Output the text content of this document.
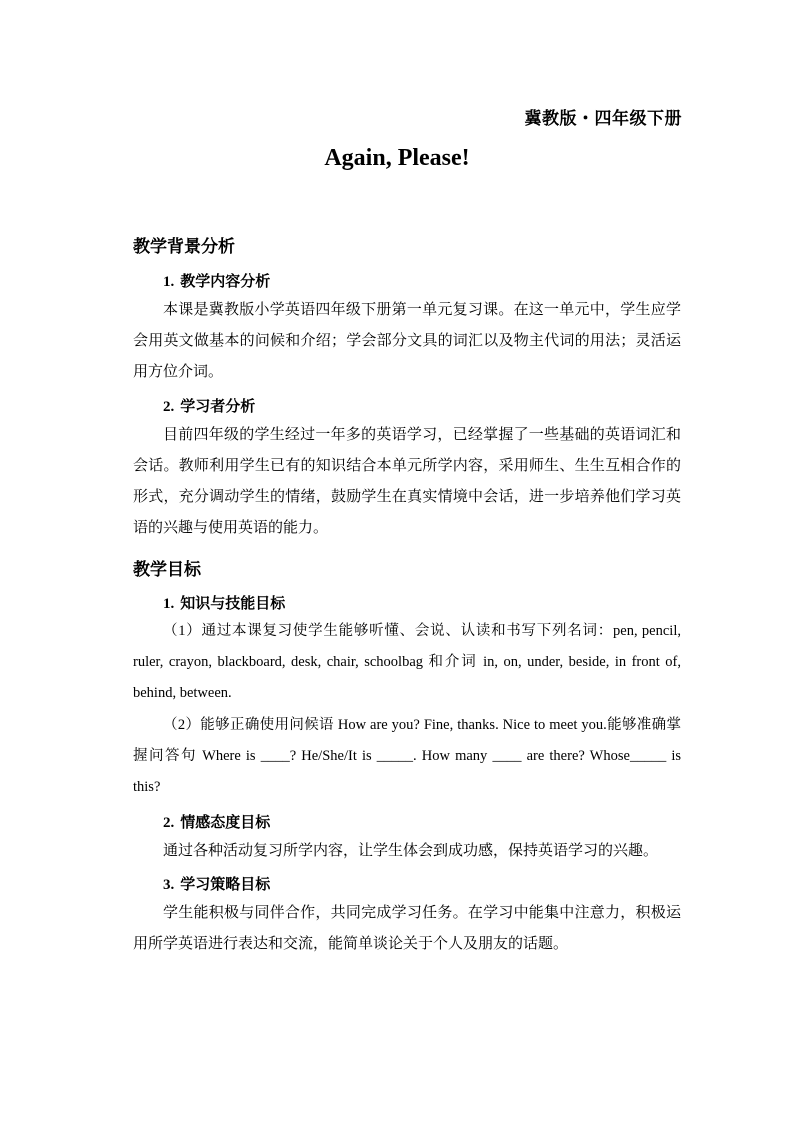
冀教版・四年级下册
Again, Please!
教学背景分析
1. 教学内容分析
本课是冀教版小学英语四年级下册第一单元复习课。在这一单元中，学生应学会用英文做基本的问候和介绍；学会部分文具的词汇以及物主代词的用法；灵活运用方位介词。
2. 学习者分析
目前四年级的学生经过一年多的英语学习，已经掌握了一些基础的英语词汇和会话。教师利用学生已有的知识结合本单元所学内容，采用师生、生生互相合作的形式，充分调动学生的情绪，鼓励学生在真实情境中会话，进一步培养他们学习英语的兴趣与使用英语的能力。
教学目标
1. 知识与技能目标
（1）通过本课复习使学生能够听懂、会说、认读和书写下列名词：pen, pencil, ruler, crayon, blackboard, desk, chair, schoolbag 和介词 in, on, under, beside, in front of, behind, between.
（2）能够正确使用问候语 How are you? Fine, thanks. Nice to meet you.能够准确掌握问答句 Where is ____? He/She/It is _____. How many ____ are there? Whose_____ is this?
2. 情感态度目标
通过各种活动复习所学内容，让学生体会到成功感，保持英语学习的兴趣。
3. 学习策略目标
学生能积极与同伴合作，共同完成学习任务。在学习中能集中注意力，积极运用所学英语进行表达和交流，能简单谈论关于个人及朋友的话题。
